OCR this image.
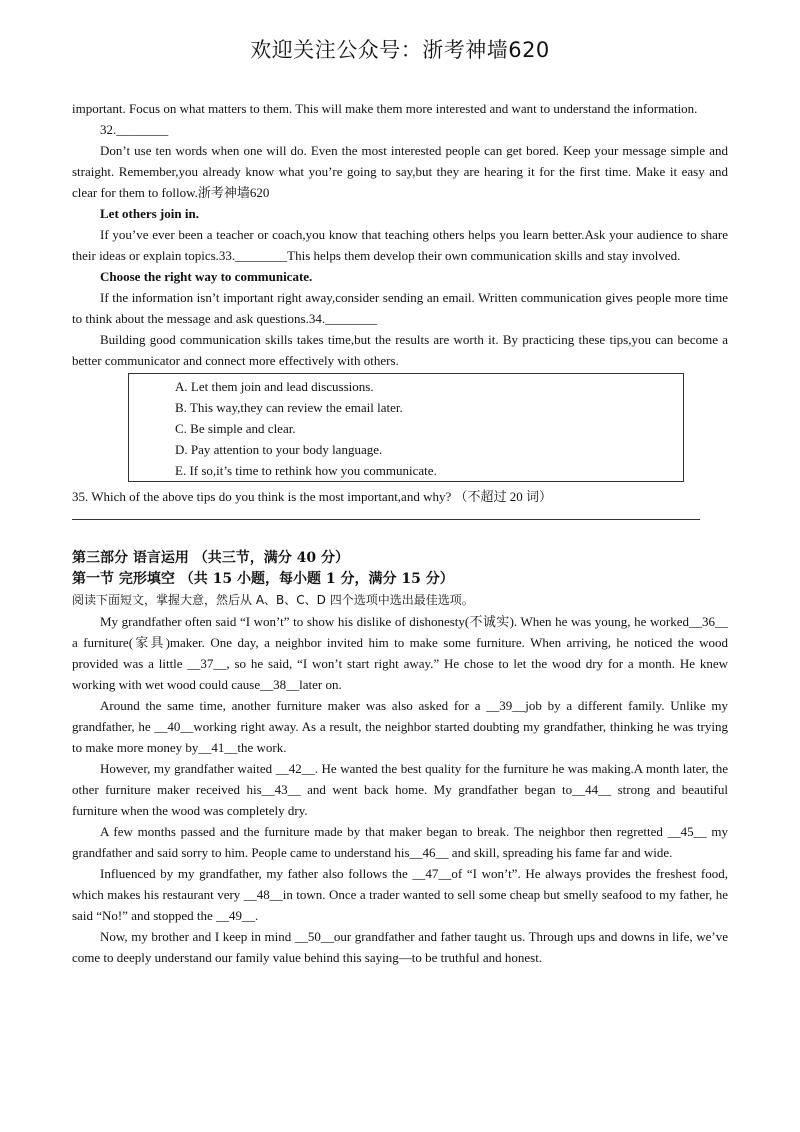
欢迎关注公众号：浙考神墙620

important. Focus on what matters to them. This will make them more interested and want to understand the information.

32.________

Don’t use ten words when one will do. Even the most interested people can get bored. Keep your message simple and straight. Remember,you already know what you’re going to say,but they are hearing it for the first time. Make it easy and clear for them to follow.浙考神墙620

Let others join in.

If you’ve ever been a teacher or coach,you know that teaching others helps you learn better.Ask your audience to share their ideas or explain topics.33.________This helps them develop their own communication skills and stay involved.

Choose the right way to communicate.

If the information isn’t important right away,consider sending an email. Written communication gives people more time to think about the message and ask questions.34.________

Building good communication skills takes time,but the results are worth it. By practicing these tips,you can become a better communicator and connect more effectively with others.

A. Let them join and lead discussions.
B. This way,they can review the email later.
C. Be simple and clear.
D. Pay attention to your body language.
E. If so,it’s time to rethink how you communicate.

35. Which of the above tips do you think is the most important,and why? （不超过 20 词）

第三部分 语言运用 （共三节，满分 40 分）

第一节 完形填空 （共 15 小题，每小题 1 分，满分 15 分）

阅读下面短文，掌握大意，然后从 A、B、C、D 四个选项中选出最佳选项。

My grandfather often said “I won’t” to show his dislike of dishonesty(不诚实). When he was young, he worked__36__ a furniture(家具)maker. One day, a neighbor invited him to make some furniture. When arriving, he noticed the wood provided was a little __37__, so he said, “I won’t start right away.” He chose to let the wood dry for a month. He knew working with wet wood could cause__38__later on.

Around the same time, another furniture maker was also asked for a __39__job by a different family. Unlike my grandfather, he __40__working right away. As a result, the neighbor started doubting my grandfather, thinking he was trying to make more money by__41__the work.

However, my grandfather waited __42__. He wanted the best quality for the furniture he was making.A month later, the other furniture maker received his__43__ and went back home. My grandfather began to__44__ strong and beautiful furniture when the wood was completely dry.

A few months passed and the furniture made by that maker began to break. The neighbor then regretted __45__ my grandfather and said sorry to him. People came to understand his__46__ and skill, spreading his fame far and wide.

Influenced by my grandfather, my father also follows the __47__of “I won’t”. He always provides the freshest food, which makes his restaurant very __48__in town. Once a trader wanted to sell some cheap but smelly seafood to my father, he said “No!” and stopped the __49__.

Now, my brother and I keep in mind __50__our grandfather and father taught us. Through ups and downs in life, we’ve come to deeply understand our family value behind this saying—to be truthful and honest.
